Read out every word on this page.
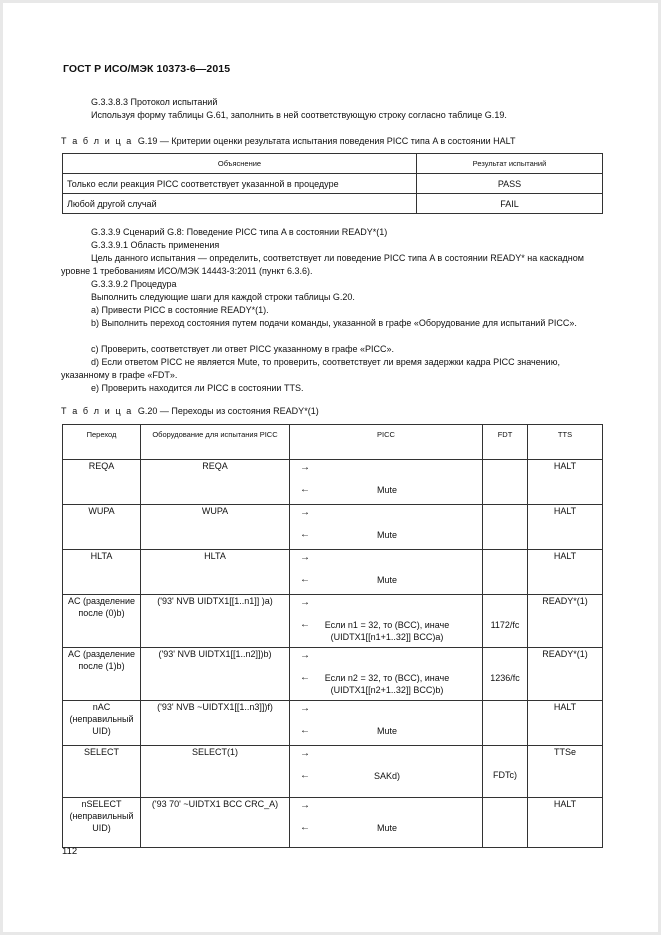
ГОСТ Р ИСО/МЭК 10373-6—2015

G.3.3.8.3 Протокол испытаний

Используя форму таблицы G.61, заполнить в ней соответствующую строку согласно таблице G.19.

Т а б л и ц а G.19 — Критерии оценки результата испытания поведения PICC типа A в состоянии HALT

Объяснение	Результат испытаний
Только если реакция PICC соответствует указанной в процедуре	PASS
Любой другой случай	FAIL

G.3.3.9 Сценарий G.8: Поведение PICC типа A в состоянии READY*(1)

G.3.3.9.1 Область применения

Цель данного испытания — определить, соответствует ли поведение PICC типа A в состоянии READY* на каскадном уровне 1 требованиям ИСО/МЭК 14443-3:2011 (пункт 6.3.6).

G.3.3.9.2 Процедура

Выполнить следующие шаги для каждой строки таблицы G.20.

a) Привести PICC в состояние READY*(1).

b) Выполнить переход состояния путем подачи команды, указанной в графе «Оборудование для испытаний PICC».

c) Проверить, соответствует ли ответ PICC указанному в графе «PICC».

d) Если ответом PICC не является Mute, то проверить, соответствует ли время задержки кадра PICC значению, указанному в графе «FDT».

e) Проверить находится ли PICC в состоянии TTS.

Т а б л и ц а G.20 — Переходы из состояния READY*(1)

Переход	Оборудование для испытания PICC	PICC	FDT	TTS
REQA	REQA	→
← Mute		HALT
WUPA	WUPA	→
← Mute		HALT
HLTA	HLTA	→
← Mute		HALT
AC (разделение после (0)b)	('93' NVB UIDTX1[[1..n1]] )a)	→
← Если n1 = 32, то (BCC), иначе (UIDTX1[[n1+1..32]] BCC)a)	1172/fc	READY*(1)
AC (разделение после (1)b)	('93' NVB UIDTX1[[1..n2]])b)	→
← Если n2 = 32, то (BCC), иначе (UIDTX1[[n2+1..32]] BCC)b)	1236/fc	READY*(1)
nAC (неправильный UID)	('93' NVB ~UIDTX1[[1..n3]])f)	→
← Mute		HALT
SELECT	SELECT(1)	→
← SAKd)	FDTc)	TTSe
nSELECT (неправильный UID)	('93 70' ~UIDTX1 BCC CRC_A)	→
← Mute		HALT
112
